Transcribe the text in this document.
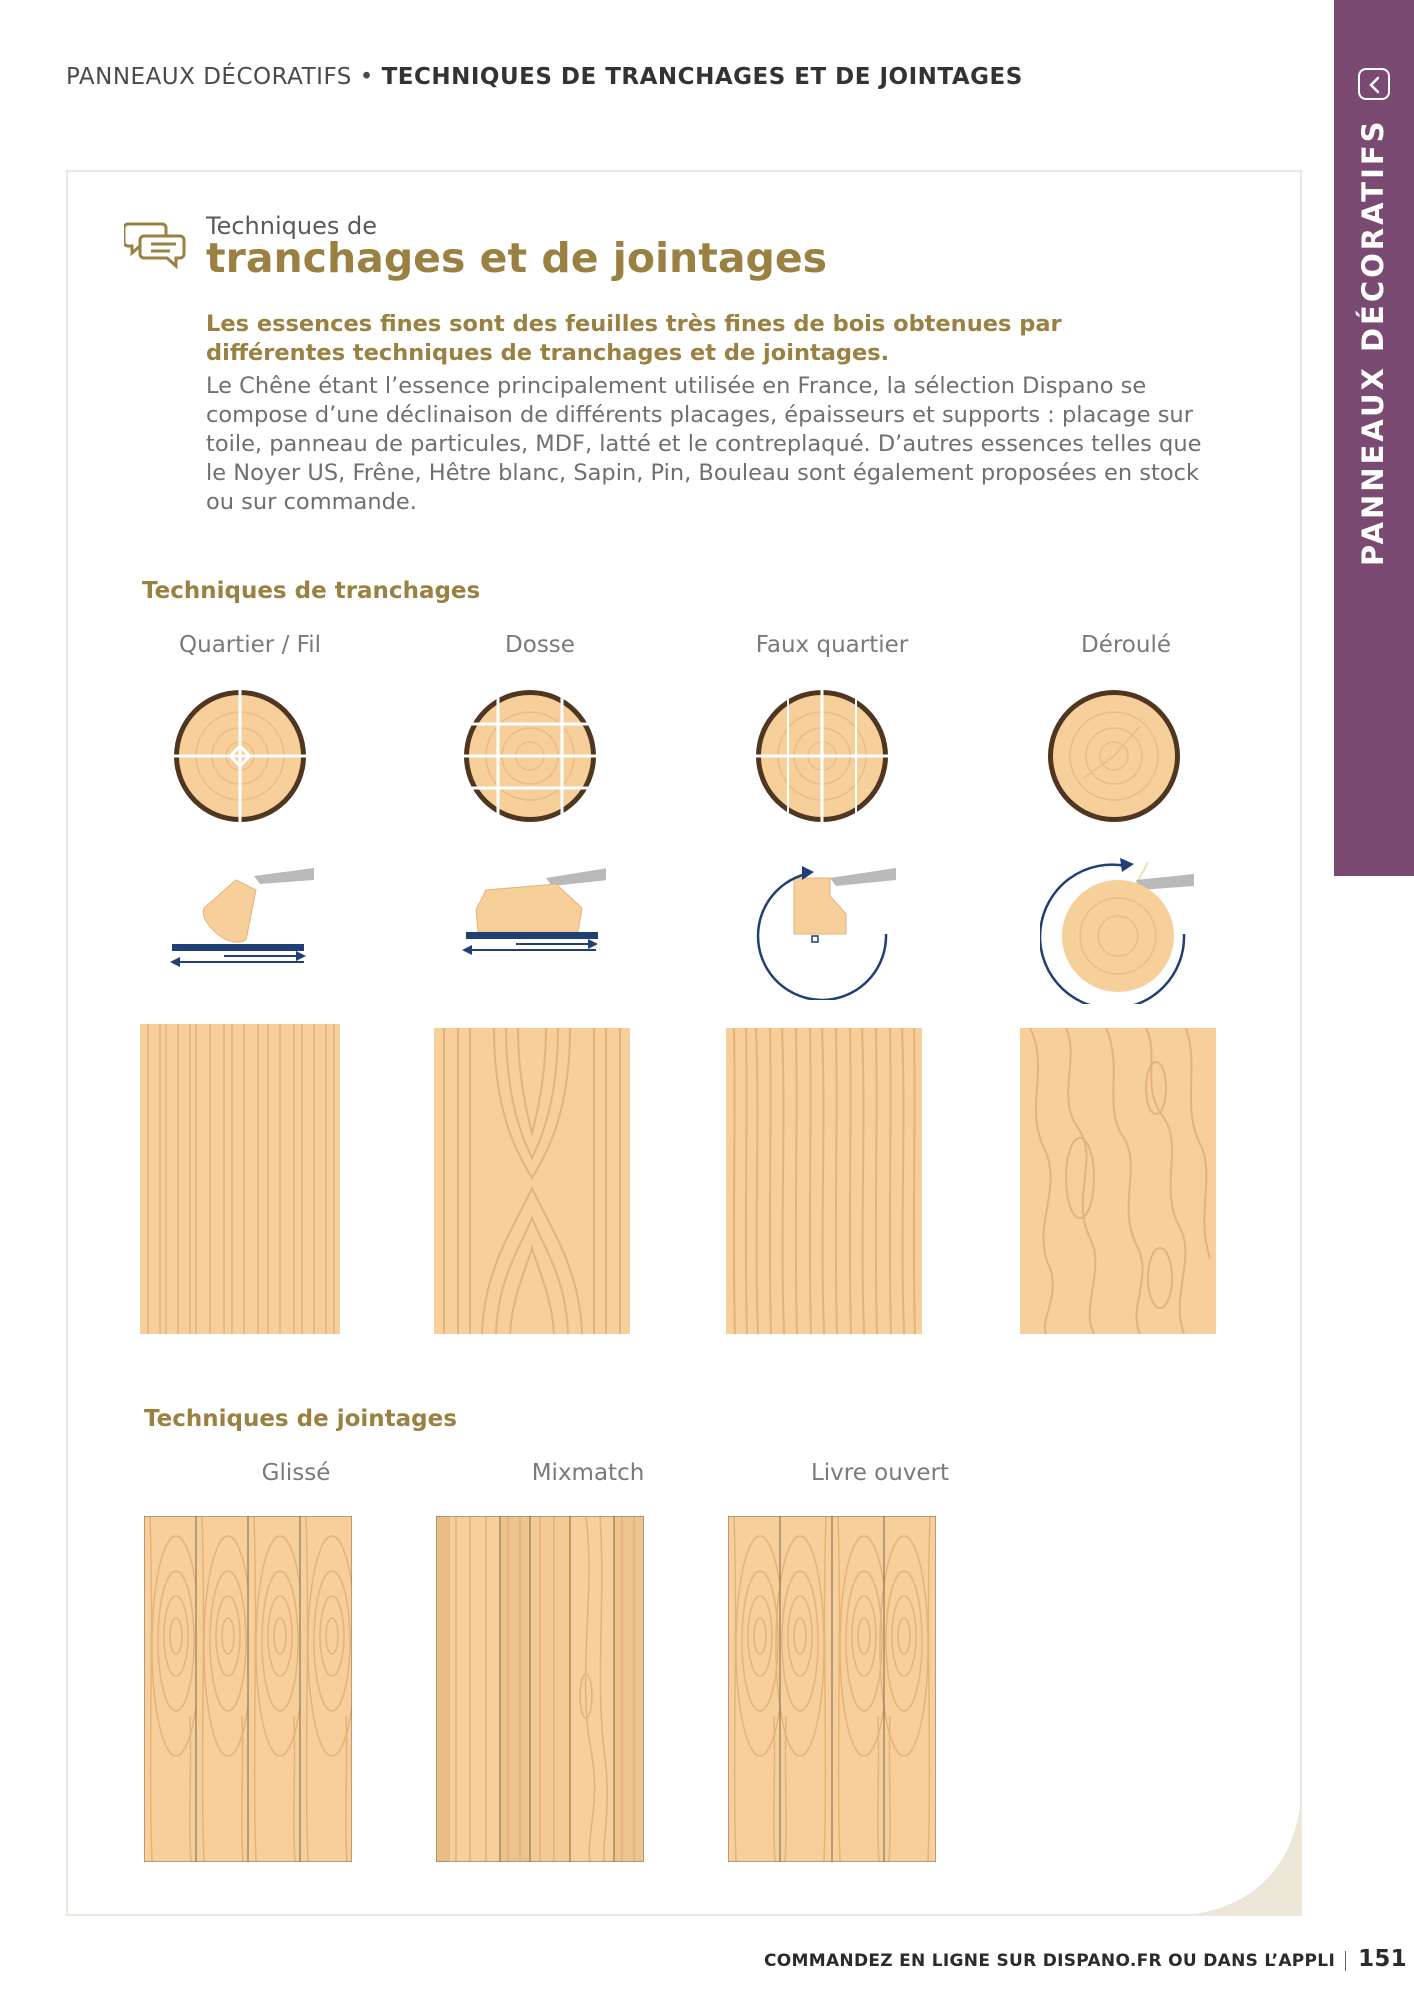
PANNEAUX DÉCORATIFS • TECHNIQUES DE TRANCHAGES ET DE JOINTAGES
PANNEAUX DÉCORATIFS
Techniques de
tranchages et de jointages

Les essences fines sont des feuilles très fines de bois obtenues par différentes techniques de tranchages et de jointages.

Le Chêne étant l’essence principalement utilisée en France, la sélection Dispano se compose d’une déclinaison de différents placages, épaisseurs et supports : placage sur toile, panneau de particules, MDF, latté et le contreplaqué. D’autres essences telles que le Noyer US, Frêne, Hêtre blanc, Sapin, Pin, Bouleau sont également proposées en stock ou sur commande.

Techniques de tranchages
Quartier / Fil	Dosse	Faux quartier	Déroulé
Techniques de jointages
Glissé	Mixmatch	Livre ouvert
COMMANDEZ EN LIGNE SUR DISPANO.FR OU DANS L’APPLI 151
